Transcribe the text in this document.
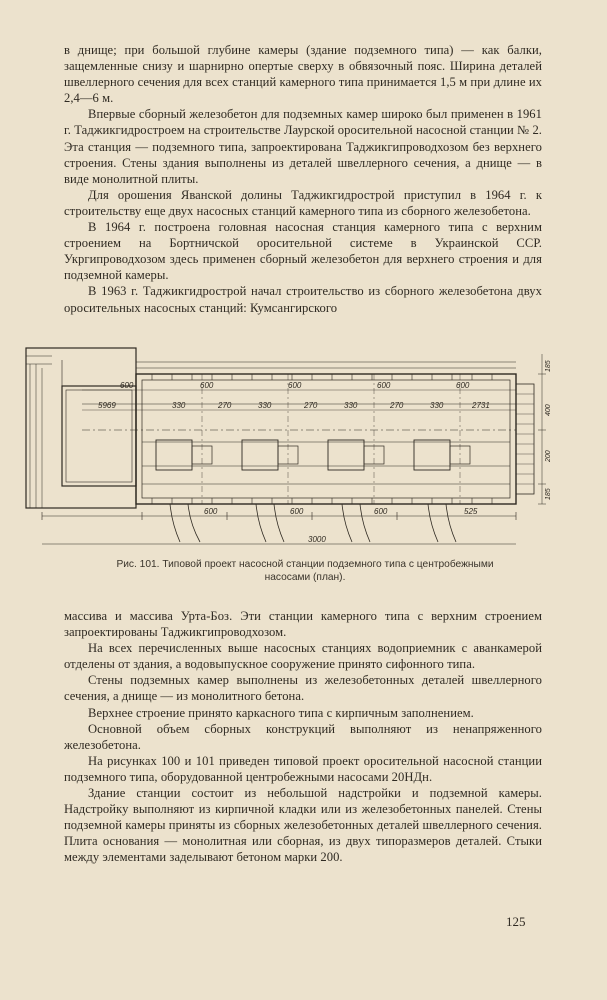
в днище; при большой глубине камеры (здание подземного типа) — как балки, защемленные снизу и шарнирно опертые сверху в обвязочный пояс. Ширина деталей швеллерного сечения для всех станций камерного типа принимается 1,5 м при длине их 2,4—6 м.

Впервые сборный железобетон для подземных камер широко был применен в 1961 г. Таджикгидростроем на строительстве Лаурской оросительной насосной станции № 2. Эта станция — подземного типа, запроектирована Таджикгипроводхозом без верхнего строения. Стены здания выполнены из деталей швеллерного сечения, а днище — в виде монолитной плиты.

Для орошения Яванской долины Таджикгидрострой приступил в 1964 г. к строительству еще двух насосных станций камерного типа из сборного железобетона.

В 1964 г. построена головная насосная станция камерного типа с верхним строением на Бортничской оросительной системе в Украинской ССР. Укргипроводхозом здесь применен сборный железобетон для верхнего строения и для подземной камеры.

В 1963 г. Таджикгидрострой начал строительство из сборного железобетона двух оросительных насосных станций: Кумсангирского

600	600	600	600	600
5969	330	270	330	270	330	270	330	2731
600	600	600	525
3000
185
400
200
185
Рис. 101. Типовой проект насосной станции подземного типа с центробежными
насосами (план).

массива и массива Урта-Боз. Эти станции камерного типа с верхним строением запроектированы Таджикгипроводхозом.

На всех перечисленных выше насосных станциях водоприемник с аванкамерой отделены от здания, а водовыпускное сооружение принято сифонного типа.

Стены подземных камер выполнены из железобетонных деталей швеллерного сечения, а днище — из монолитного бетона.

Верхнее строение принято каркасного типа с кирпичным заполнением.

Основной объем сборных конструкций выполняют из ненапряженного железобетона.

На рисунках 100 и 101 приведен типовой проект оросительной насосной станции подземного типа, оборудованной центробежными насосами 20НДн.

Здание станции состоит из небольшой надстройки и подземной камеры. Надстройку выполняют из кирпичной кладки или из железобетонных панелей. Стены подземной камеры приняты из сборных железобетонных деталей швеллерного сечения. Плита основания — монолитная или сборная, из двух типоразмеров деталей. Стыки между элементами заделывают бетоном марки 200.

125
